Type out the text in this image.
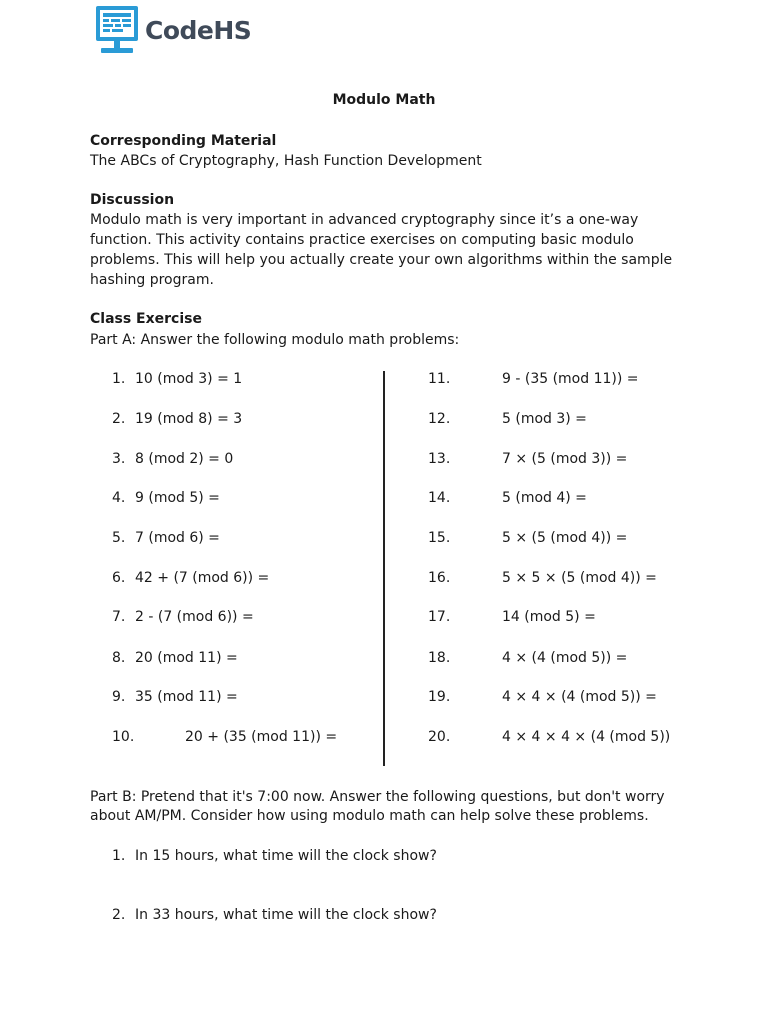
CodeHS
Modulo Math
Corresponding Material
The ABCs of Cryptography, Hash Function Development
Discussion
Modulo math is very important in advanced cryptography since it’s a one-way
function. This activity contains practice exercises on computing basic modulo
problems. This will help you actually create your own algorithms within the sample
hashing program.
Class Exercise
Part A: Answer the following modulo math problems:
1. 10 (mod 3) = 1
2. 19 (mod 8) = 3
3. 8 (mod 2) = 0
4. 9 (mod 5) =
5. 7 (mod 6) =
6. 42 + (7 (mod 6)) =
7. 2 - (7 (mod 6)) =
8. 20 (mod 11) =
9. 35 (mod 11) =
10.	20 + (35 (mod 11)) =
11.	9 - (35 (mod 11)) =
12.	5 (mod 3) =
13.	7 × (5 (mod 3)) =
14.	5 (mod 4) =
15.	5 × (5 (mod 4)) =
16.	5 × 5 × (5 (mod 4)) =
17.	14 (mod 5) =
18.	4 × (4 (mod 5)) =
19.	4 × 4 × (4 (mod 5)) =
20.	4 × 4 × 4 × (4 (mod 5))
Part B: Pretend that it's 7:00 now. Answer the following questions, but don't worry
about AM/PM. Consider how using modulo math can help solve these problems.
1. In 15 hours, what time will the clock show?
2. In 33 hours, what time will the clock show?
